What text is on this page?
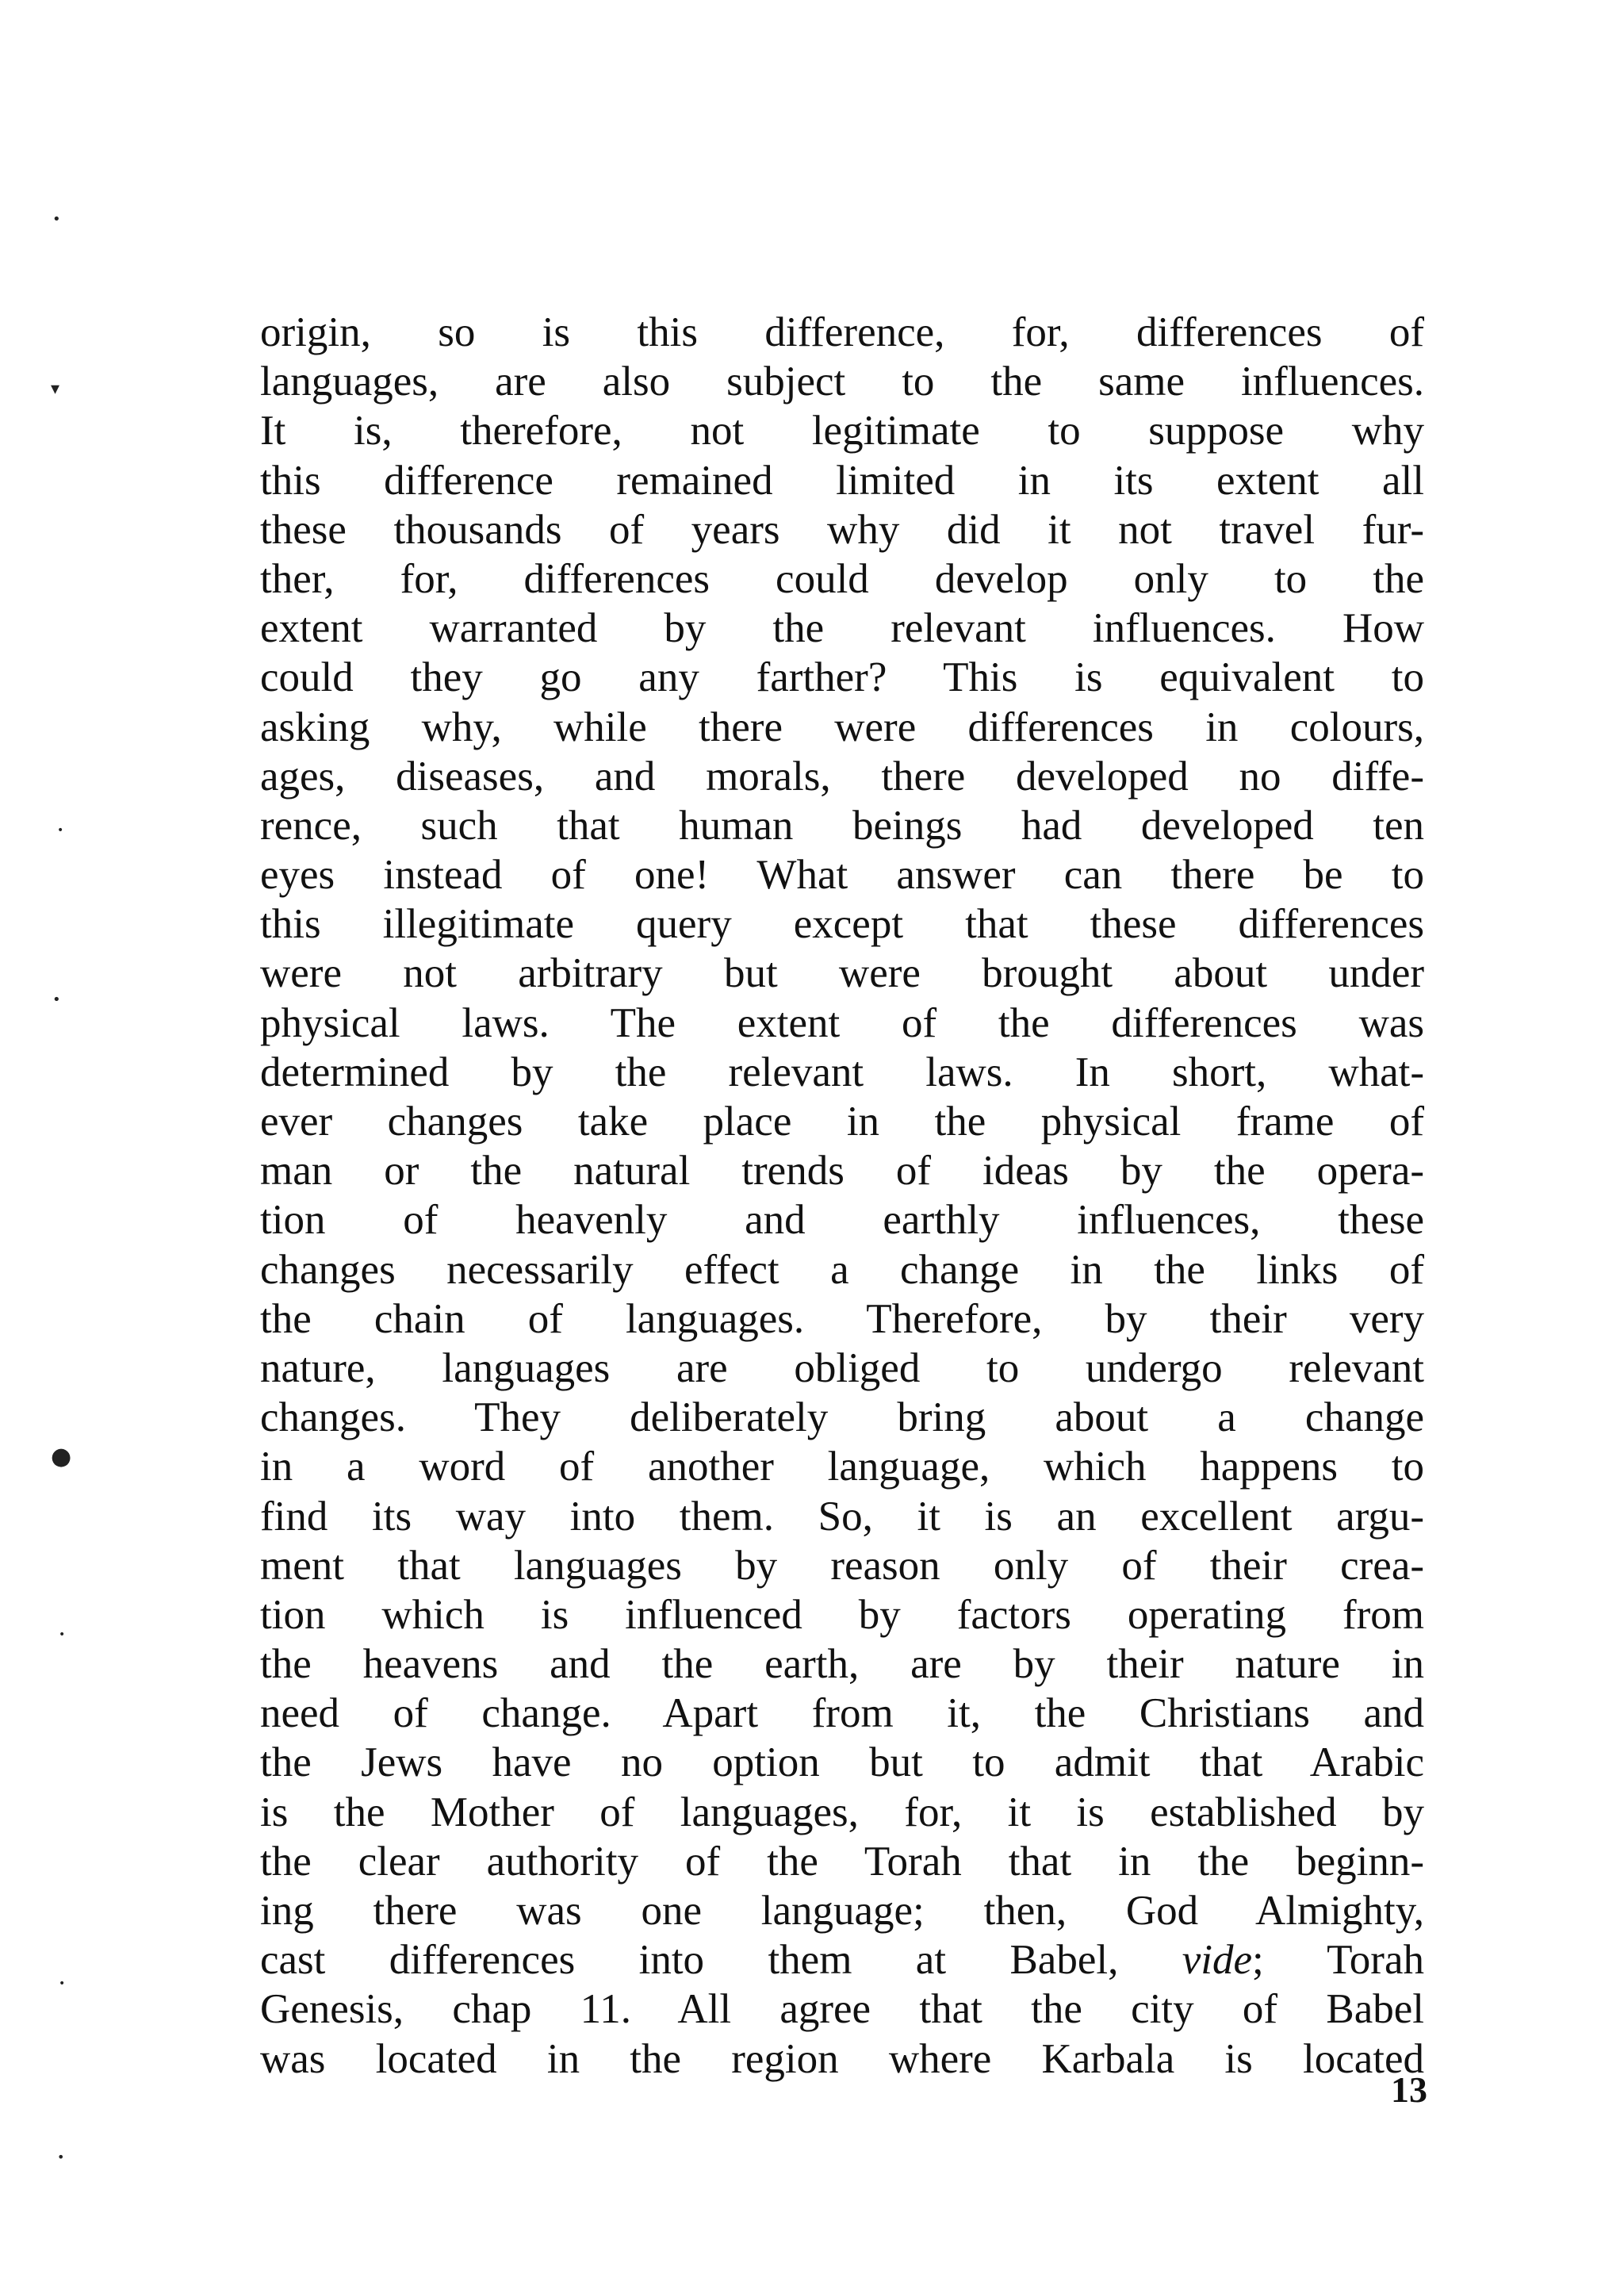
•
▾
•
•
●
•
•
•
origin, so is this difference, for, differences of
languages, are also subject to the same influences.
It is, therefore, not legitimate to suppose why
this difference remained limited in its extent all
these thousands of years why did it not travel fur-
ther, for, differences could develop only to the
extent warranted by the relevant influences. How
could they go any farther? This is equivalent to
asking why, while there were differences in colours,
ages, diseases, and morals, there developed no diffe-
rence, such that human beings had developed ten
eyes instead of one! What answer can there be to
this illegitimate query except that these differences
were not arbitrary but were brought about under
physical laws. The extent of the differences was
determined by the relevant laws. In short, what-
ever changes take place in the physical frame of
man or the natural trends of ideas by the opera-
tion of heavenly and earthly influences, these
changes necessarily effect a change in the links of
the chain of languages. Therefore, by their very
nature, languages are obliged to undergo relevant
changes. They deliberately bring about a change
in a word of another language, which happens to
find its way into them. So, it is an excellent argu-
ment that languages by reason only of their crea-
tion which is influenced by factors operating from
the heavens and the earth, are by their nature in
need of change. Apart from it, the Christians and
the Jews have no option but to admit that Arabic
is the Mother of languages, for, it is established by
the clear authority of the Torah that in the beginn-
ing there was one language; then, God Almighty,
cast differences into them at Babel, vide; Torah
Genesis, chap 11. All agree that the city of Babel
was located in the region where Karbala is located
13
